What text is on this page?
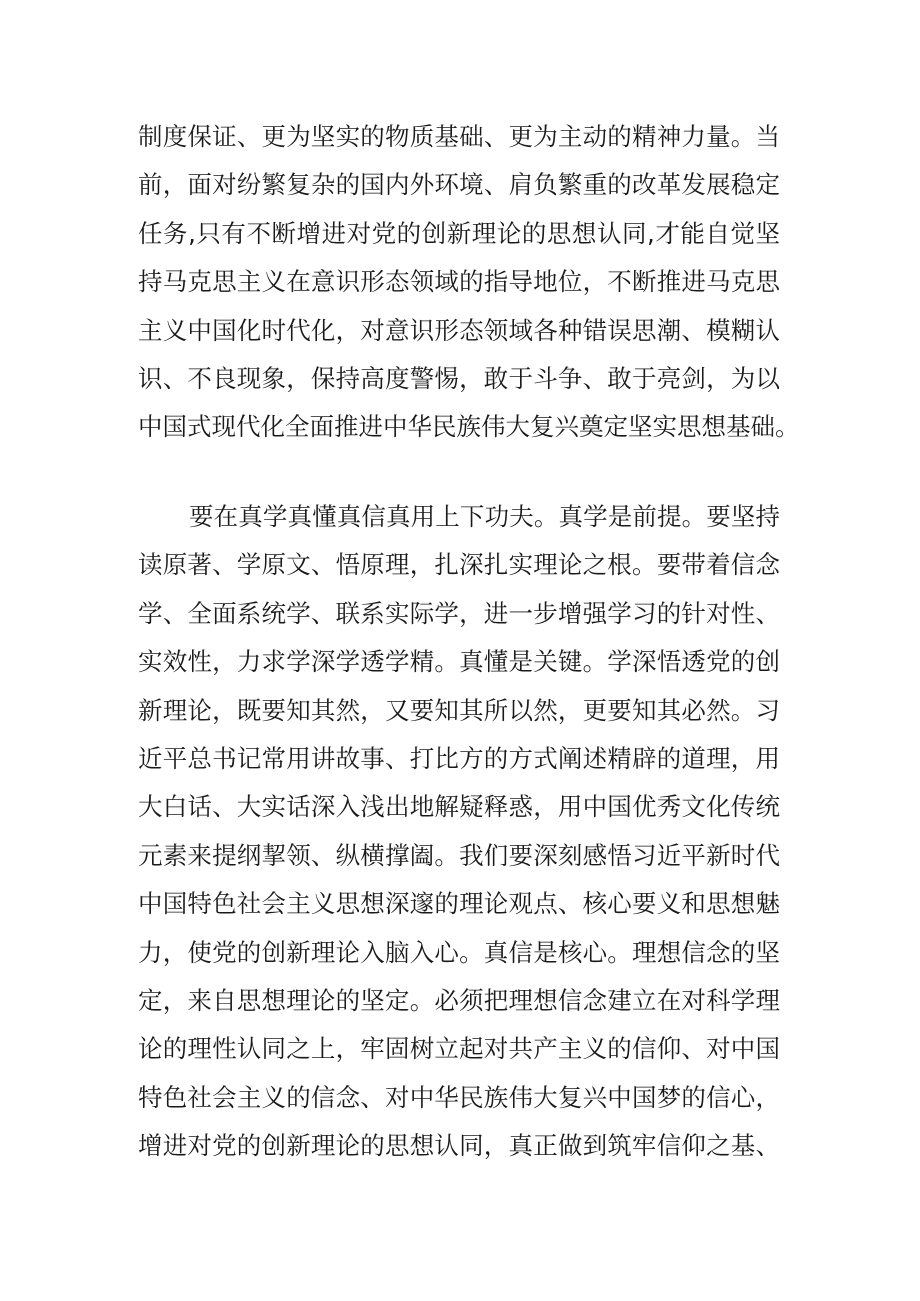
制度保证、更为坚实的物质基础、更为主动的精神力量。当
前，面对纷繁复杂的国内外环境、肩负繁重的改革发展稳定
任务,只有不断增进对党的创新理论的思想认同,才能自觉坚
持马克思主义在意识形态领域的指导地位，不断推进马克思
主义中国化时代化，对意识形态领域各种错误思潮、模糊认
识、不良现象，保持高度警惕，敢于斗争、敢于亮剑，为以
中国式现代化全面推进中华民族伟大复兴奠定坚实思想基础。
要在真学真懂真信真用上下功夫。真学是前提。要坚持
读原著、学原文、悟原理，扎深扎实理论之根。要带着信念
学、全面系统学、联系实际学，进一步增强学习的针对性、
实效性，力求学深学透学精。真懂是关键。学深悟透党的创
新理论，既要知其然，又要知其所以然，更要知其必然。习
近平总书记常用讲故事、打比方的方式阐述精辟的道理，用
大白话、大实话深入浅出地解疑释惑，用中国优秀文化传统
元素来提纲挈领、纵横撑阖。我们要深刻感悟习近平新时代
中国特色社会主义思想深邃的理论观点、核心要义和思想魅
力，使党的创新理论入脑入心。真信是核心。理想信念的坚
定，来自思想理论的坚定。必须把理想信念建立在对科学理
论的理性认同之上，牢固树立起对共产主义的信仰、对中国
特色社会主义的信念、对中华民族伟大复兴中国梦的信心，
增进对党的创新理论的思想认同，真正做到筑牢信仰之基、
